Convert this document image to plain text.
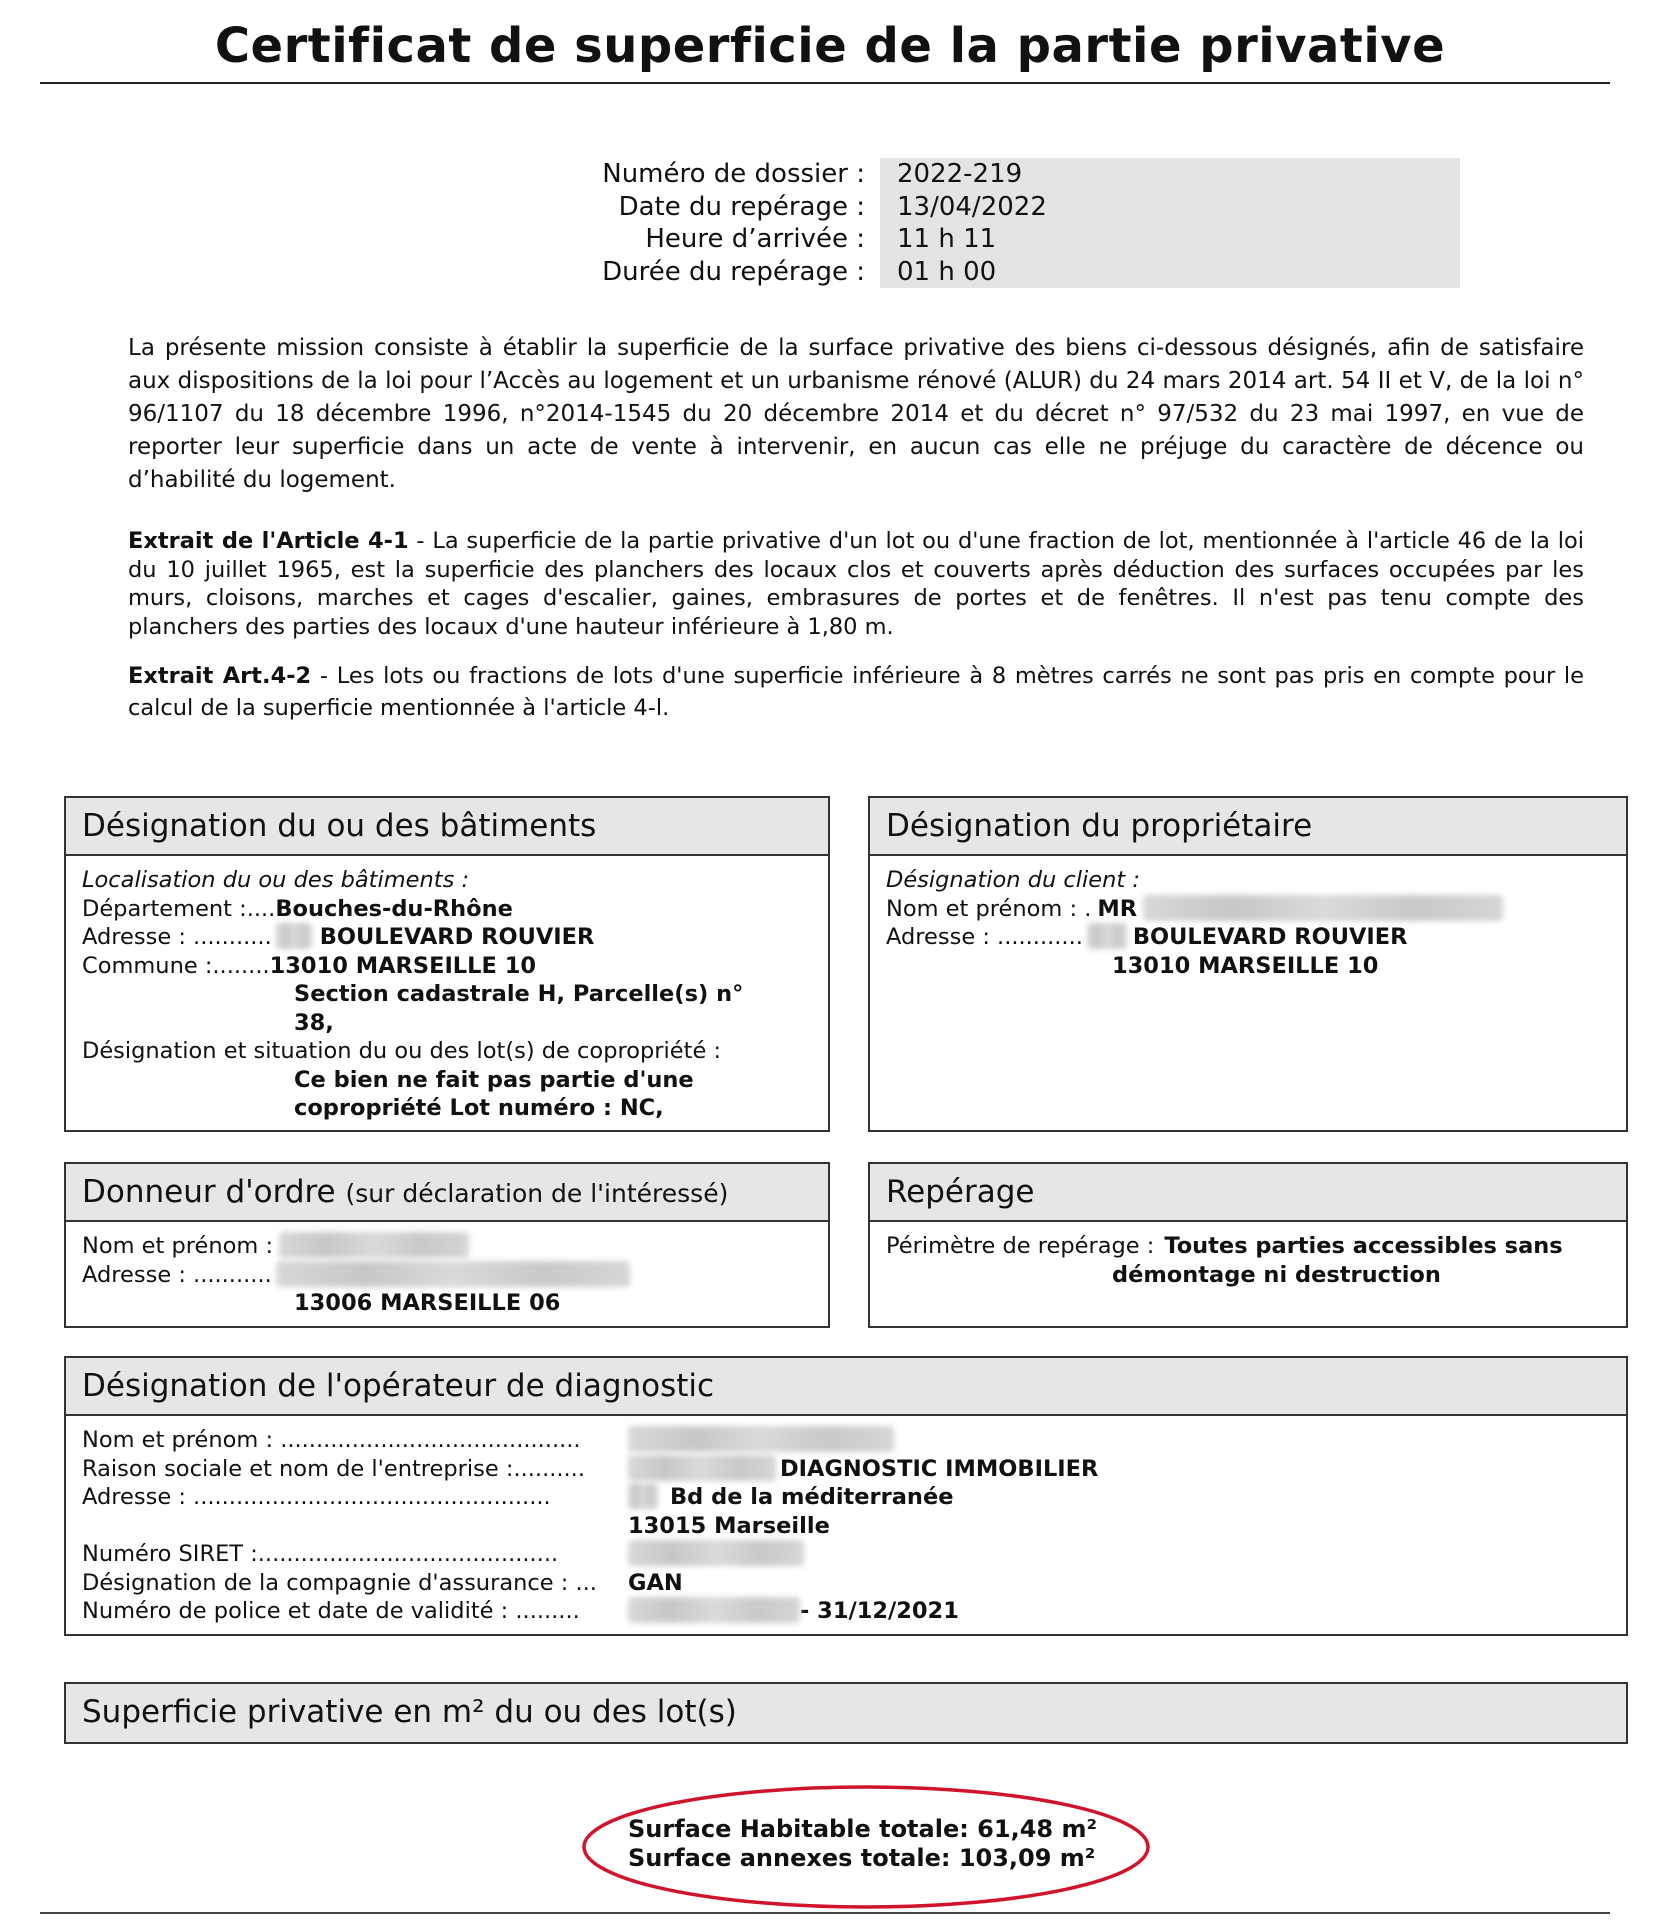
Certificat de superficie de la partie privative
Numéro de dossier : 2022-219
Date du repérage : 13/04/2022
Heure d’arrivée : 11 h 11
Durée du repérage : 01 h 00

La présente mission consiste à établir la superficie de la surface privative des biens ci-dessous désignés, afin de satisfaire aux dispositions de la loi pour l’Accès au logement et un urbanisme rénové (ALUR) du 24 mars 2014 art. 54 II et V, de la loi n° 96/1107 du 18 décembre 1996, n°2014-1545 du 20 décembre 2014 et du décret n° 97/532 du 23 mai 1997, en vue de reporter leur superficie dans un acte de vente à intervenir, en aucun cas elle ne préjuge du caractère de décence ou d’habilité du logement.

Extrait de l'Article 4-1 - La superficie de la partie privative d'un lot ou d'une fraction de lot, mentionnée à l'article 46 de la loi du 10 juillet 1965, est la superficie des planchers des locaux clos et couverts après déduction des surfaces occupées par les murs, cloisons, marches et cages d'escalier, gaines, embrasures de portes et de fenêtres. Il n'est pas tenu compte des planchers des parties des locaux d'une hauteur inférieure à 1,80 m.

Extrait Art.4-2 - Les lots ou fractions de lots d'une superficie inférieure à 8 mètres carrés ne sont pas pris en compte pour le calcul de la superficie mentionnée à l'article 4-l.

Désignation du ou des bâtiments
Localisation du ou des bâtiments :
Département :.... Bouches-du-Rhône
Adresse : ........... BOULEVARD ROUVIER
Commune :........ 13010 MARSEILLE 10
Section cadastrale H, Parcelle(s) n°
38,
Désignation et situation du ou des lot(s) de copropriété :
Ce bien ne fait pas partie d'une
copropriété Lot numéro : NC,
Désignation du propriétaire
Désignation du client :
Nom et prénom : . MR
Adresse : ............ BOULEVARD ROUVIER
13010 MARSEILLE 10
Donneur d'ordre (sur déclaration de l'intéressé)
Nom et prénom :
Adresse : ...........
13006 MARSEILLE 06
Repérage
Périmètre de repérage : Toutes parties accessibles sans
démontage ni destruction
Désignation de l'opérateur de diagnostic
Nom et prénom : ..........................................
Raison sociale et nom de l'entreprise :..........	DIAGNOSTIC IMMOBILIER
Adresse : ..................................................	Bd de la méditerranée
13015 Marseille
Numéro SIRET :..........................................
Désignation de la compagnie d'assurance : ...	GAN
Numéro de police et date de validité : .........	- 31/12/2021
Superficie privative en m² du ou des lot(s)
Surface Habitable totale: 61,48 m²
Surface annexes totale: 103,09 m²
